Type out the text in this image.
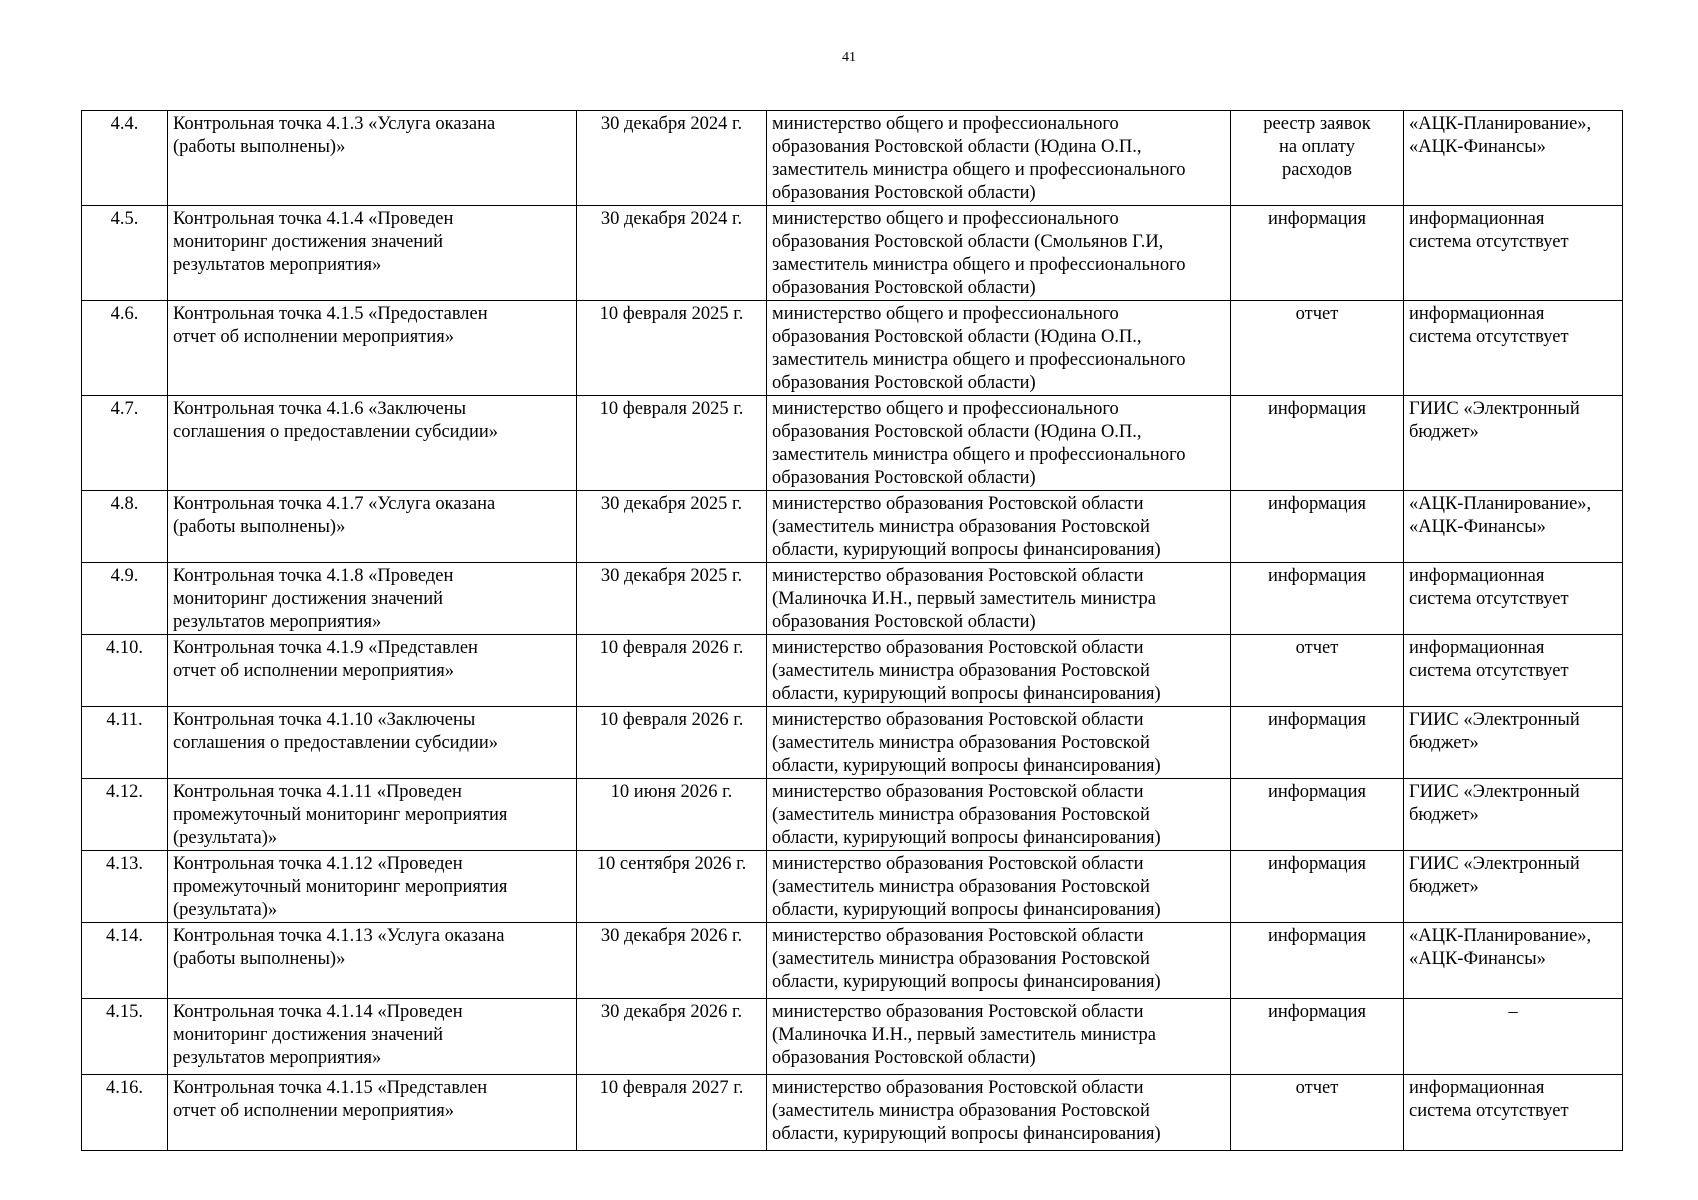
41
4.4.	Контрольная точка 4.1.3 «Услуга оказана
(работы выполнены)»	30 декабря 2024 г.	министерство общего и профессионального
образования Ростовской области (Юдина О.П.,
заместитель министра общего и профессионального
образования Ростовской области)	реестр заявок
на оплату
расходов	«АЦК-Планирование»,
«АЦК-Финансы»

4.5.	Контрольная точка 4.1.4 «Проведен
мониторинг достижения значений
результатов мероприятия»	30 декабря 2024 г.	министерство общего и профессионального
образования Ростовской области (Смольянов Г.И,
заместитель министра общего и профессионального
образования Ростовской области)	информация	информационная
система отсутствует

4.6.	Контрольная точка 4.1.5 «Предоставлен
отчет об исполнении мероприятия»	10 февраля 2025 г.	министерство общего и профессионального
образования Ростовской области (Юдина О.П.,
заместитель министра общего и профессионального
образования Ростовской области)	отчет	информационная
система отсутствует

4.7.	Контрольная точка 4.1.6 «Заключены
соглашения о предоставлении субсидии»	10 февраля 2025 г.	министерство общего и профессионального
образования Ростовской области (Юдина О.П.,
заместитель министра общего и профессионального
образования Ростовской области)	информация	ГИИС «Электронный
бюджет»

4.8.	Контрольная точка 4.1.7 «Услуга оказана
(работы выполнены)»	30 декабря 2025 г.	министерство образования Ростовской области
(заместитель министра образования Ростовской
области, курирующий вопросы финансирования)	информация	«АЦК-Планирование»,
«АЦК-Финансы»

4.9.	Контрольная точка 4.1.8 «Проведен
мониторинг достижения значений
результатов мероприятия»	30 декабря 2025 г.	министерство образования Ростовской области
(Малиночка И.Н., первый заместитель министра
образования Ростовской области)	информация	информационная
система отсутствует

4.10.	Контрольная точка 4.1.9 «Представлен
отчет об исполнении мероприятия»	10 февраля 2026 г.	министерство образования Ростовской области
(заместитель министра образования Ростовской
области, курирующий вопросы финансирования)	отчет	информационная
система отсутствует

4.11.	Контрольная точка 4.1.10 «Заключены
соглашения о предоставлении субсидии»	10 февраля 2026 г.	министерство образования Ростовской области
(заместитель министра образования Ростовской
области, курирующий вопросы финансирования)	информация	ГИИС «Электронный
бюджет»

4.12.	Контрольная точка 4.1.11 «Проведен
промежуточный мониторинг мероприятия
(результата)»	10 июня 2026 г.	министерство образования Ростовской области
(заместитель министра образования Ростовской
области, курирующий вопросы финансирования)	информация	ГИИС «Электронный
бюджет»

4.13.	Контрольная точка 4.1.12 «Проведен
промежуточный мониторинг мероприятия
(результата)»	10 сентября 2026 г.	министерство образования Ростовской области
(заместитель министра образования Ростовской
области, курирующий вопросы финансирования)	информация	ГИИС «Электронный
бюджет»

4.14.	Контрольная точка 4.1.13 «Услуга оказана
(работы выполнены)»	30 декабря 2026 г.	министерство образования Ростовской области
(заместитель министра образования Ростовской
области, курирующий вопросы финансирования)	информация	«АЦК-Планирование»,
«АЦК-Финансы»

4.15.	Контрольная точка 4.1.14 «Проведен
мониторинг достижения значений
результатов мероприятия»	30 декабря 2026 г.	министерство образования Ростовской области
(Малиночка И.Н., первый заместитель министра
образования Ростовской области)	информация	–

4.16.	Контрольная точка 4.1.15 «Представлен
отчет об исполнении мероприятия»	10 февраля 2027 г.	министерство образования Ростовской области
(заместитель министра образования Ростовской
области, курирующий вопросы финансирования)	отчет	информационная
система отсутствует
